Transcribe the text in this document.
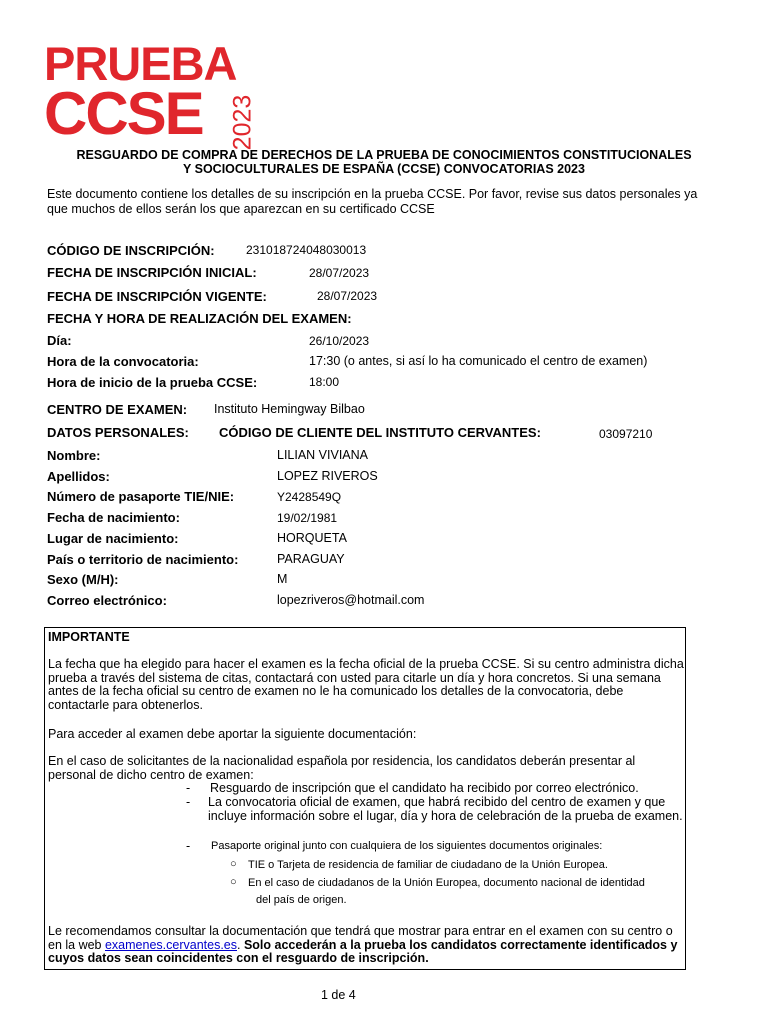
PRUEBA
CCSE 2023
RESGUARDO DE COMPRA DE DERECHOS DE LA PRUEBA DE CONOCIMIENTOS CONSTITUCIONALES
Y SOCIOCULTURALES DE ESPAÑA (CCSE) CONVOCATORIAS 2023
Este documento contiene los detalles de su inscripción en la prueba CCSE. Por favor, revise sus datos personales ya que muchos de ellos serán los que aparezcan en su certificado CCSE
CÓDIGO DE INSCRIPCIÓN:	231018724048030013
FECHA DE INSCRIPCIÓN INICIAL:	28/07/2023
FECHA DE INSCRIPCIÓN VIGENTE:	28/07/2023
FECHA Y HORA DE REALIZACIÓN DEL EXAMEN:
Día:	26/10/2023
Hora de la convocatoria:	17:30 (o antes, si así lo ha comunicado el centro de examen)
Hora de inicio de la prueba CCSE:	18:00
CENTRO DE EXAMEN: Instituto Hemingway Bilbao
DATOS PERSONALES: CÓDIGO DE CLIENTE DEL INSTITUTO CERVANTES:	03097210
Nombre:	LILIAN VIVIANA
Apellidos:	LOPEZ RIVEROS
Número de pasaporte TIE/NIE:	Y2428549Q
Fecha de nacimiento:	19/02/1981
Lugar de nacimiento:	HORQUETA
País o territorio de nacimiento:	PARAGUAY
Sexo (M/H):	M
Correo electrónico:	lopezriveros@hotmail.com
IMPORTANTE
La fecha que ha elegido para hacer el examen es la fecha oficial de la prueba CCSE. Si su centro administra dicha prueba a través del sistema de citas, contactará con usted para citarle un día y hora concretos. Si una semana antes de la fecha oficial su centro de examen no le ha comunicado los detalles de la convocatoria, debe contactarle para obtenerlos.
Para acceder al examen debe aportar la siguiente documentación:
En el caso de solicitantes de la nacionalidad española por residencia, los candidatos deberán presentar al personal de dicho centro de examen:
- Resguardo de inscripción que el candidato ha recibido por correo electrónico.
- La convocatoria oficial de examen, que habrá recibido del centro de examen y que incluye información sobre el lugar, día y hora de celebración de la prueba de examen.
- Pasaporte original junto con cualquiera de los siguientes documentos originales:
○ TIE o Tarjeta de residencia de familiar de ciudadano de la Unión Europea.
○ En el caso de ciudadanos de la Unión Europea, documento nacional de identidad
del país de origen.
Le recomendamos consultar la documentación que tendrá que mostrar para entrar en el examen con su centro o en la web examenes.cervantes.es. Solo accederán a la prueba los candidatos correctamente identificados y cuyos datos sean coincidentes con el resguardo de inscripción.
1 de 4
